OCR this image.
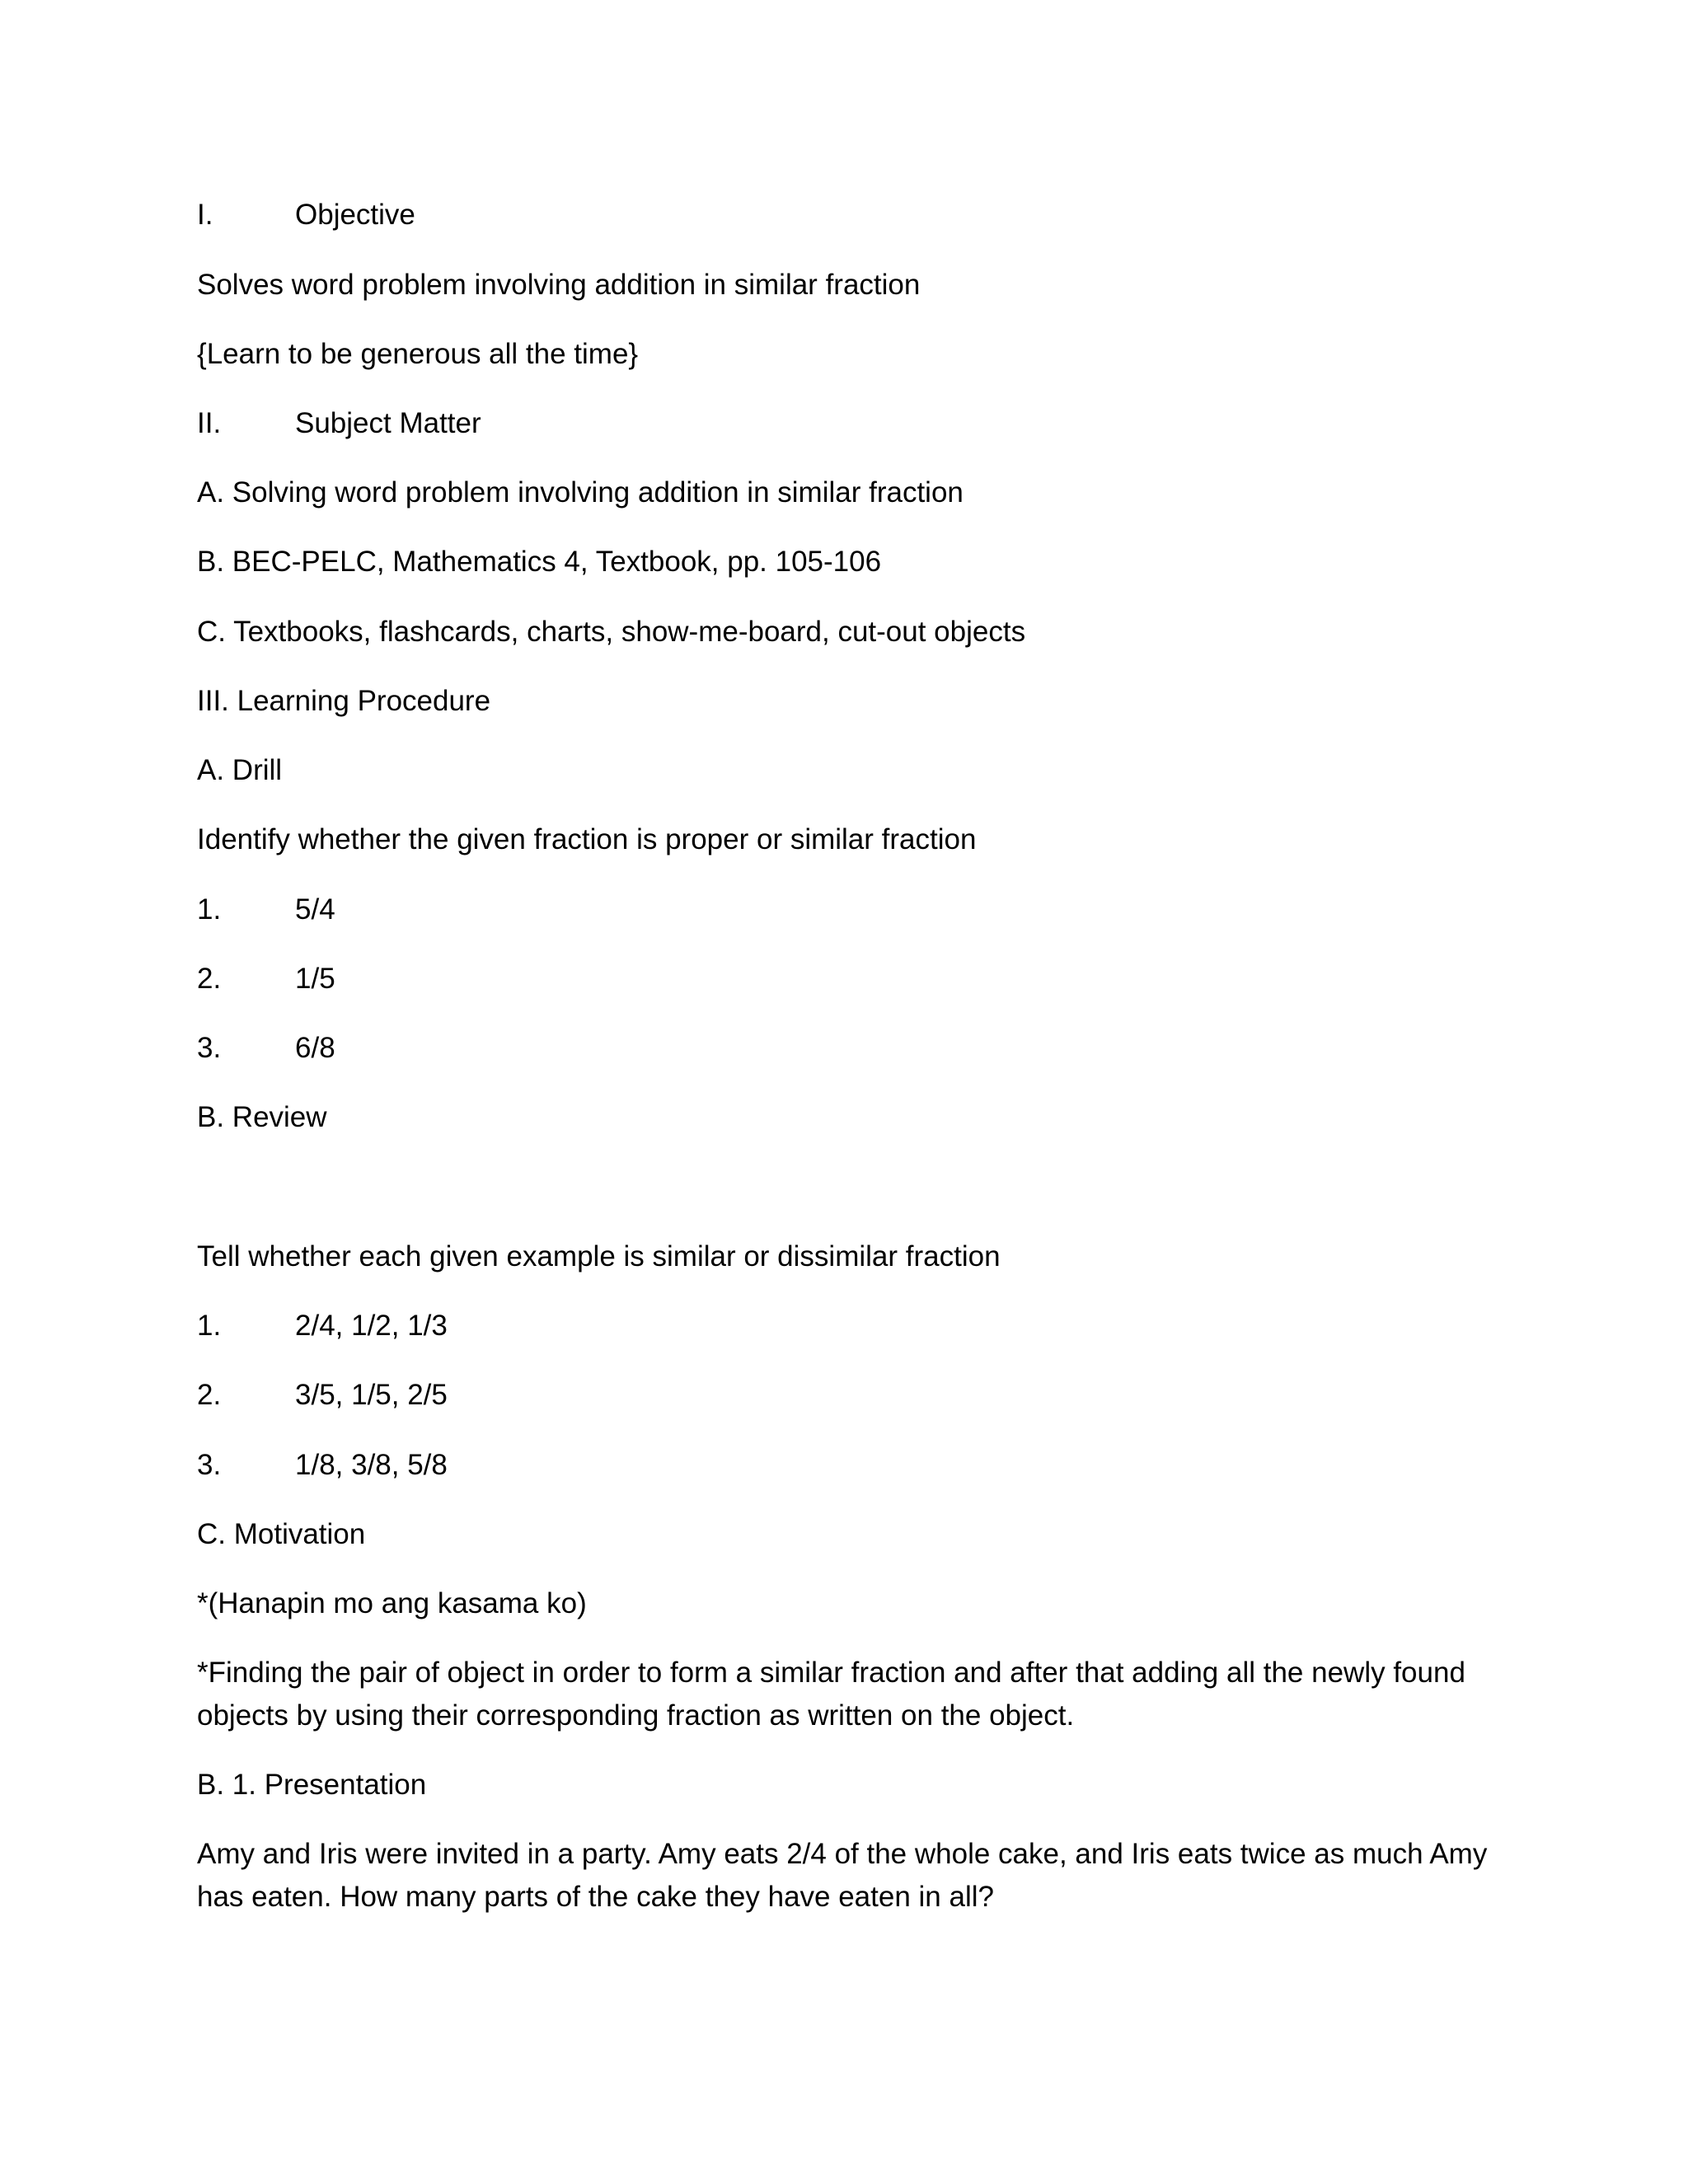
I.	Objective
Solves word problem involving addition in similar fraction
{Learn to be generous all the time}
II.	Subject Matter
A. Solving word problem involving addition in similar fraction
B. BEC-PELC, Mathematics 4, Textbook, pp. 105-106
C. Textbooks, flashcards, charts, show-me-board, cut-out objects
III. Learning Procedure
A. Drill
Identify whether the given fraction is proper or similar fraction
1.	5/4
2.	1/5
3.	6/8
B. Review
Tell whether each given example is similar or dissimilar fraction
1.	2/4, 1/2, 1/3
2.	3/5, 1/5, 2/5
3.	1/8, 3/8, 5/8
C. Motivation
*(Hanapin mo ang kasama ko)
*Finding the pair of object in order to form a similar fraction and after that adding all the newly found objects by using their corresponding fraction as written on the object.
B. 1. Presentation
Amy and Iris were invited in a party. Amy eats 2/4 of the whole cake, and Iris eats twice as much Amy has eaten. How many parts of the cake they have eaten in all?
